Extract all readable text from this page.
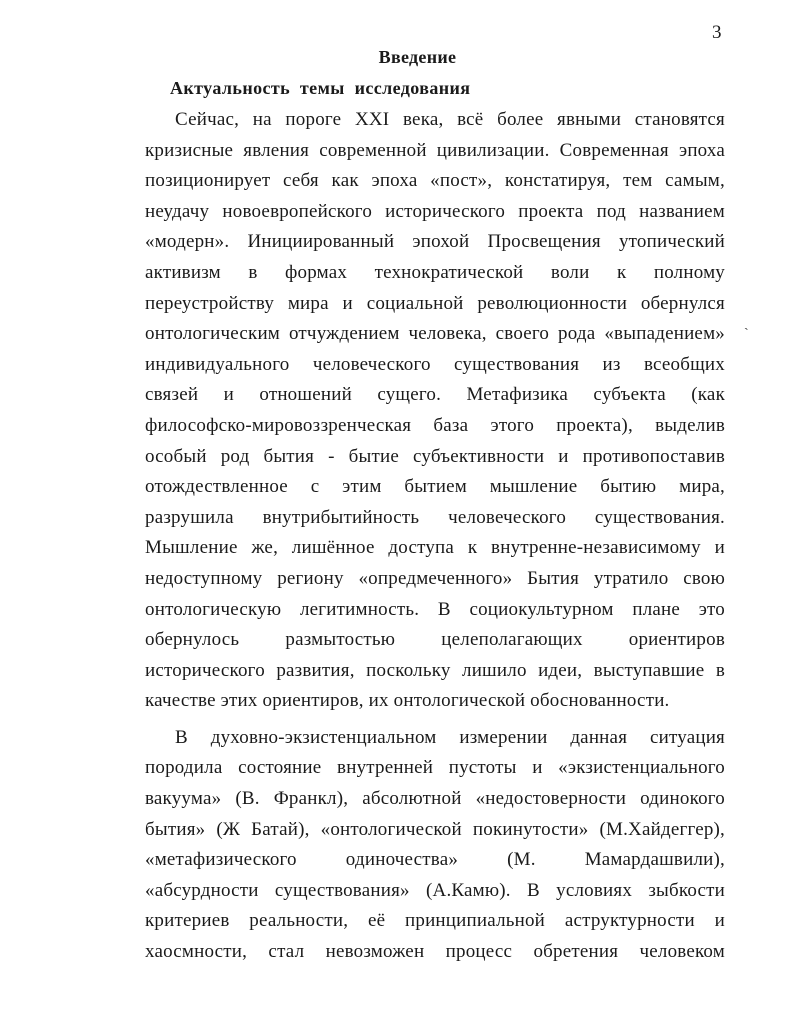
3
Введение
Актуальность темы исследования
Сейчас, на пороге XXI века, всё более явными становятся
кризисные явления современной цивилизации. Современная эпоха
позиционирует себя как эпоха «пост», констатируя, тем самым,
неудачу новоевропейского исторического проекта под названием
«модерн». Инициированный эпохой Просвещения утопический
активизм в формах технократической воли к полному
переустройству мира и социальной революционности обернулся
онтологическим отчуждением человека, своего рода «выпадением»
индивидуального человеческого существования из всеобщих
связей и отношений сущего. Метафизика субъекта (как
философско-мировоззренческая база этого проекта), выделив
особый род бытия - бытие субъективности и противопоставив
отождествленное с этим бытием мышление бытию мира,
разрушила внутрибытийность человеческого существования.
Мышление же, лишённое доступа к внутренне-независимому и
недоступному региону «опредмеченного» Бытия утратило свою
онтологическую легитимность. В социокультурном плане это
обернулось размытостью целеполагающих ориентиров
исторического развития, поскольку лишило идеи, выступавшие в
качестве этих ориентиров, их онтологической обоснованности.
В духовно-экзистенциальном измерении данная ситуация
породила состояние внутренней пустоты и «экзистенциального
вакуума» (В. Франкл), абсолютной «недостоверности одинокого
бытия» (Ж Батай), «онтологической покинутости» (М.Хайдеггер),
«метафизического одиночества» (М. Мамардашвили),
«абсурдности существования» (А.Камю). В условиях зыбкости
критериев реальности, её принципиальной аструктурности и
хаосмности, стал невозможен процесс обретения человеком
ˎ
